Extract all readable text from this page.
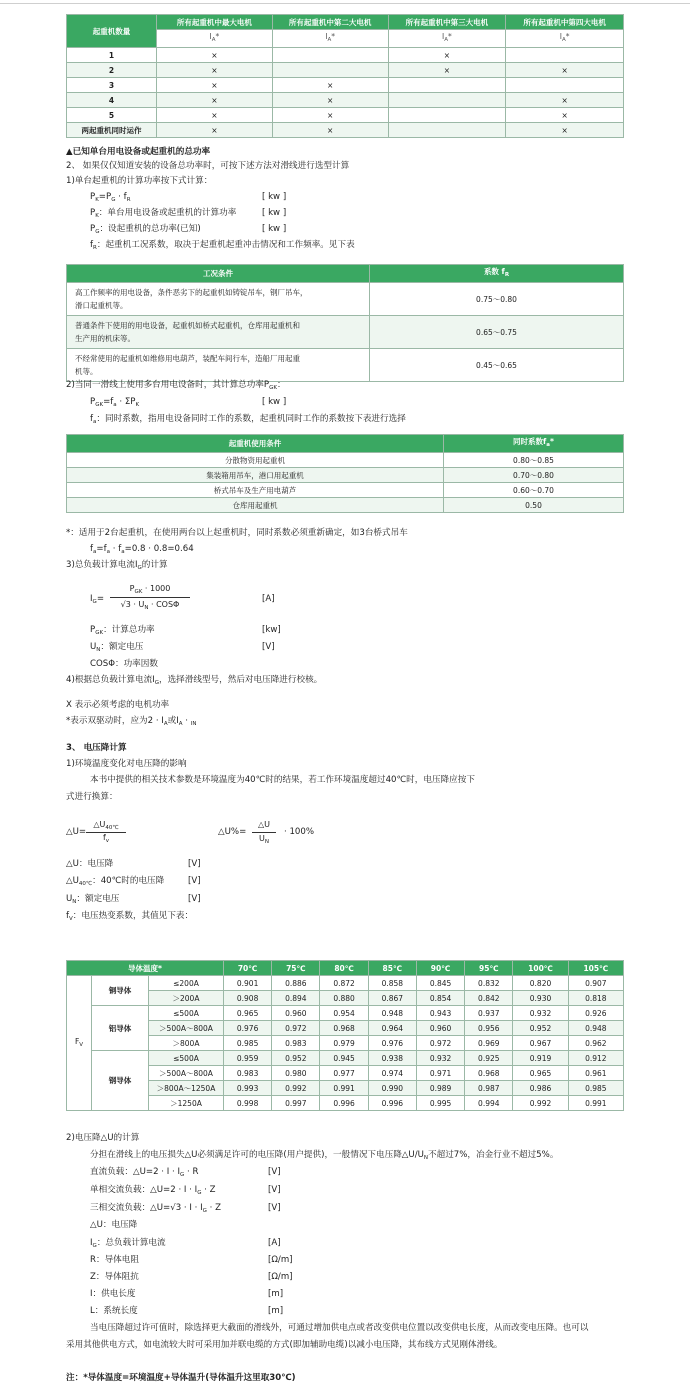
起重机数量	所有起重机中最大电机	所有起重机中第二大电机	所有起重机中第三大电机	所有起重机中第四大电机
	$I_A*$	$I_A*$	$I_A*$	$I_A*$
1	×		×	
2	×		×	×
3	×	×		
4	×	×		×
5	×	×		×
两起重机同时运作	×	×		×
▲已知单台用电设备或起重机的总功率
2、 如果仅仅知道安装的设备总功率时，可按下述方法对滑线进行选型计算
1)单台起重机的计算功率按下式计算：
$P_K=P_G \cdot f_R$	[ kw ]
$P_K$：单台用电设备或起重机的计算功率	[ kw ]
$P_G$：设起重机的总功率(已知)	[ kw ]
$f_R$：起重机工况系数，取决于起重机起重冲击情况和工作频率。见下表
工况条件	系数 $f_R$

高工作频率的用电设备，条件恶劣下的起重机如铸锭吊车，钢厂吊车，
滑口起重机等。	0.75～0.80

普通条件下使用的用电设备，起重机如桥式起重机，仓库用起重机和
生产用的机床等。	0.65～0.75

不经常使用的起重机如维修用电葫芦，装配车间行车，造船厂用起重
机等。	0.45～0.65
2)当同一滑线上使用多台用电设备时，其计算总功率$P_{GK}$：
$P_{GK}=f_a \cdot \Sigma P_K$	[ kw ]
$f_a$：同时系数，指用电设备同时工作的系数，起重机同时工作的系数按下表进行选择
起重机使用条件	同时系数$f_a*$
分散物资用起重机	0.80～0.85
集装箱用吊车，港口用起重机	0.70～0.80
桥式吊车及生产用电葫芦	0.60～0.70
仓库用起重机	0.50
*：适用于2台起重机，在使用两台以上起重机时，同时系数必须重新确定，如3台桥式吊车
$f_a=f_a \cdot f_a=0.8 \cdot 0.8=0.64$
3)总负载计算电流$I_G$的计算
$I_G=$
$P_{GK} \cdot 1000$
$√3 \cdot U_N \cdot COS\Phi$
[A]
$P_{GK}$：计算总功率	[kw]
$U_N$：额定电压	[V]
COSΦ：功率因数
4)根据总负载计算电流$I_G$，选择滑线型号，然后对电压降进行校核。
X 表示必须考虑的电机功率
*表示双驱动时，应为$2 \cdot I_A$或$I_A \cdot _{IN}$
3、 电压降计算
1)环境温度变化对电压降的影响
本书中提供的相关技术参数是环境温度为40℃时的结果，若工作环境温度超过40℃时，电压降应按下
式进行换算：
△U=
$\triangle U_{40℃}$
$f_v$
△U%=
△U
$U_N$
· 100%
△U：电压降	[V]
$\triangle U_{40℃}$：40℃时的电压降	[V]
$U_N$：额定电压	[V]
$f_V$：电压热变系数，其值见下表：
导体温度*			70℃	75℃	80℃	85℃	90℃	95℃	100℃	105℃
$F_V$	铜导体	≤200A	0.901	0.886	0.872	0.858	0.845	0.832	0.820	0.907
		＞200A	0.908	0.894	0.880	0.867	0.854	0.842	0.930	0.818
	铝导体	≤500A	0.965	0.960	0.954	0.948	0.943	0.937	0.932	0.926
		＞500A～800A	0.976	0.972	0.968	0.964	0.960	0.956	0.952	0.948
		＞800A	0.985	0.983	0.979	0.976	0.972	0.969	0.967	0.962
	钢导体	≤500A	0.959	0.952	0.945	0.938	0.932	0.925	0.919	0.912
		＞500A～800A	0.983	0.980	0.977	0.974	0.971	0.968	0.965	0.961
		＞800A～1250A	0.993	0.992	0.991	0.990	0.989	0.987	0.986	0.985
		＞1250A	0.998	0.997	0.996	0.996	0.995	0.994	0.992	0.991
2)电压降△U的计算
分担在滑线上的电压损失△U必须满足许可的电压降(用户提供)，一般情况下电压降$\triangle U/U_N$不超过7%，冶金行业不超过5%。
直流负载：△U=2 · $I \cdot I_G \cdot R$	[V]
单相交流负载：△U=2 · $I \cdot I_G \cdot Z$	[V]
三相交流负载：△U=√3 · $I \cdot I_G \cdot Z$	[V]
△U：电压降
$I_G$：总负载计算电流	[A]
R：导体电阻	[Ω/m]
Z：导体阻抗	[Ω/m]
I：供电长度	[m]
L：系统长度	[m]
当电压降超过许可值时，除选择更大截面的滑线外，可通过增加供电点或者改变供电位置以改变供电长度，从而改变电压降。也可以
采用其他供电方式，如电流较大时可采用加并联电缆的方式(即加辅助电缆)以减小电压降，其布线方式见刚体滑线。
注：*导体温度=环境温度+导体温升(导体温升这里取30℃)
